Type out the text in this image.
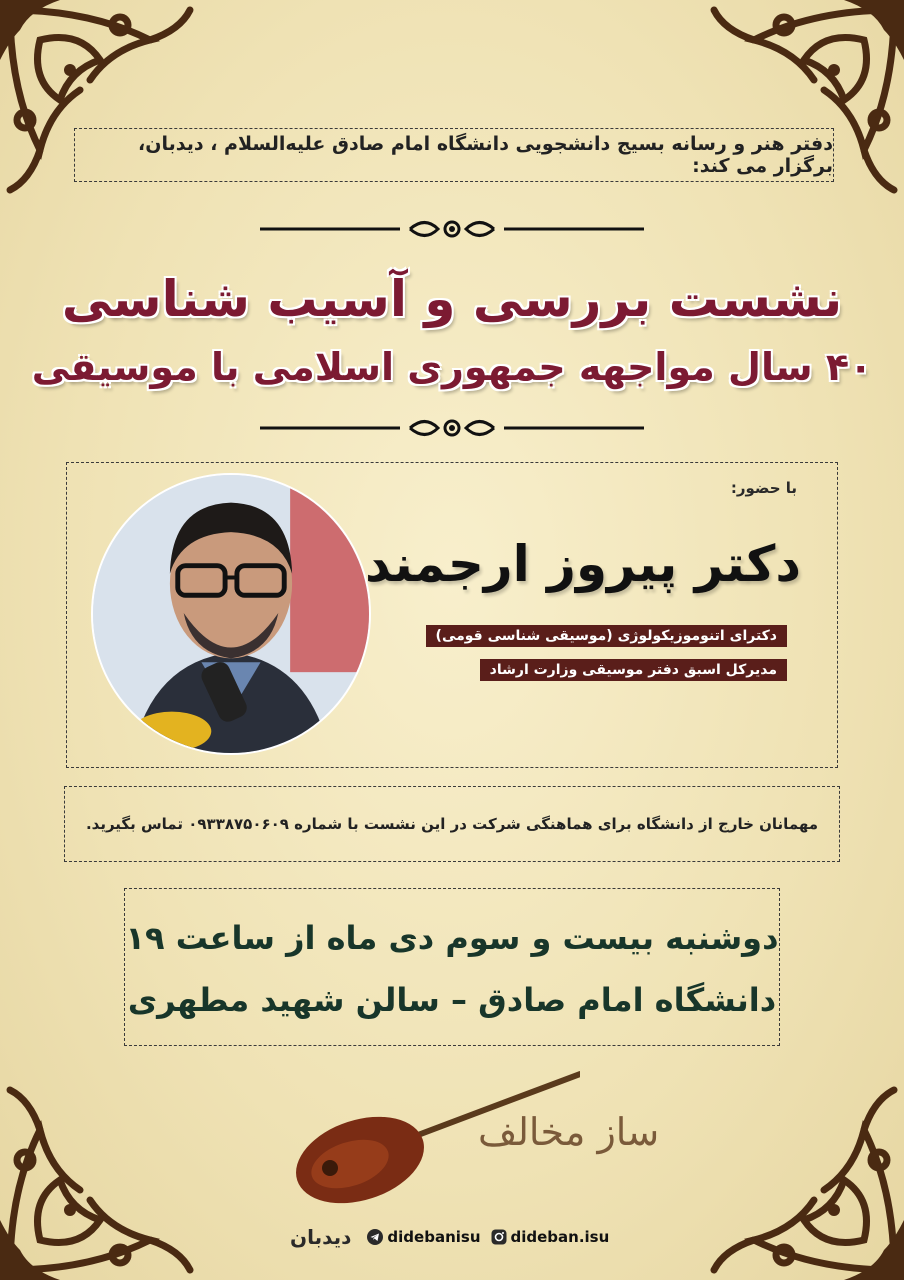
دفتر هنر و رسانه بسیج دانشجویی دانشگاه امام صادق علیه‌السلام ، دیدبان، برگزار می کند:
نشست بررسی و آسیب شناسی
۴۰ سال مواجهه جمهوری اسلامی با موسیقی
با حضور:
دکتر پیروز ارجمند
دکترای اتنوموزیکولوژی (موسیقی شناسی قومی)
مدیرکل اسبق دفتر موسیقی وزارت ارشاد
مهمانان خارج از دانشگاه برای هماهنگی شرکت در این نشست با شماره ۰۹۳۳۸۷۵۰۶۰۹ تماس بگیرید.
دوشنبه بیست و سوم دی ماه از ساعت ۱۹
دانشگاه امام صادق – سالن شهید مطهری
ساز مخالف
دیدبان didebanisu dideban.isu
